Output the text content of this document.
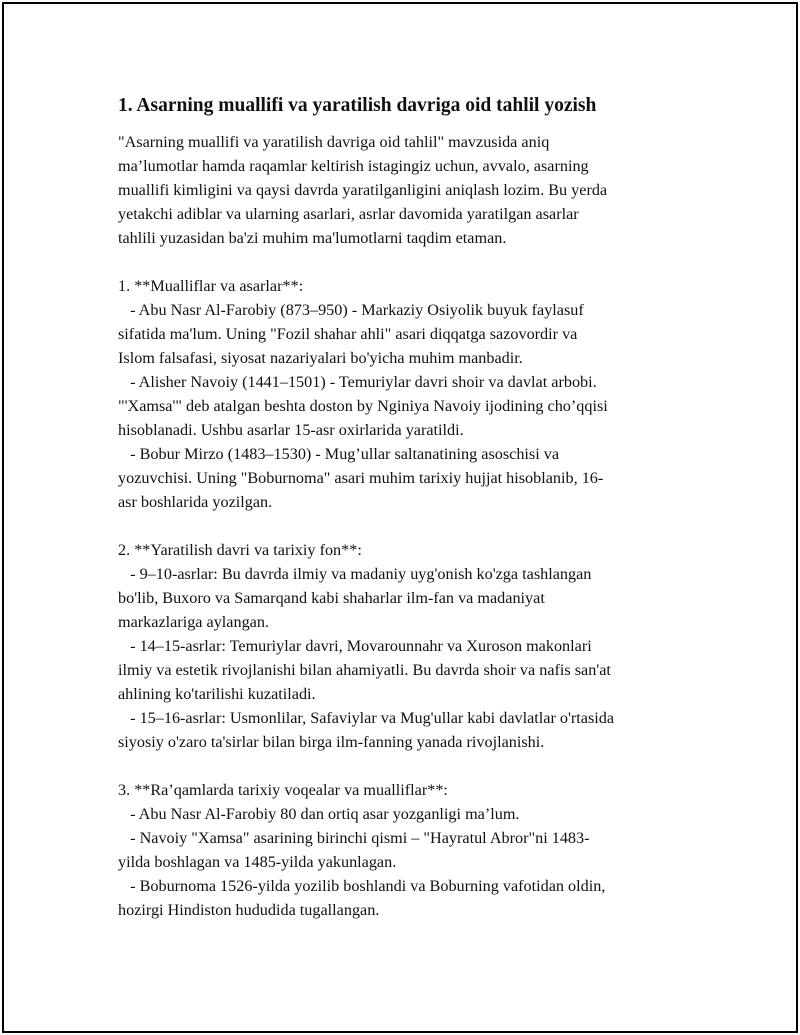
1. Asarning muallifi va yaratilish davriga oid tahlil yozish

"Asarning muallifi va yaratilish davriga oid tahlil" mavzusida aniq
ma’lumotlar hamda raqamlar keltirish istagingiz uchun, avvalo, asarning
muallifi kimligini va qaysi davrda yaratilganligini aniqlash lozim. Bu yerda
yetakchi adiblar va ularning asarlari, asrlar davomida yaratilgan asarlar
tahlili yuzasidan ba'zi muhim ma'lumotlarni taqdim etaman.

1. **Mualliflar va asarlar**:
- Abu Nasr Al-Farobiy (873–950) - Markaziy Osiyolik buyuk faylasuf
sifatida ma'lum. Uning "Fozil shahar ahli" asari diqqatga sazovordir va
Islom falsafasi, siyosat nazariyalari bo'yicha muhim manbadir.
- Alisher Navoiy (1441–1501) - Temuriylar davri shoir va davlat arbobi.
"'Xamsa'" deb atalgan beshta doston by Nginiya Navoiy ijodining cho’qqisi
hisoblanadi. Ushbu asarlar 15-asr oxirlarida yaratildi.
- Bobur Mirzo (1483–1530) - Mug’ullar saltanatining asoschisi va
yozuvchisi. Uning "Boburnoma" asari muhim tarixiy hujjat hisoblanib, 16-
asr boshlarida yozilgan.

2. **Yaratilish davri va tarixiy fon**:
- 9–10-asrlar: Bu davrda ilmiy va madaniy uyg'onish ko'zga tashlangan
bo'lib, Buxoro va Samarqand kabi shaharlar ilm-fan va madaniyat
markazlariga aylangan.
- 14–15-asrlar: Temuriylar davri, Movarounnahr va Xuroson makonlari
ilmiy va estetik rivojlanishi bilan ahamiyatli. Bu davrda shoir va nafis san'at
ahlining ko'tarilishi kuzatiladi.
- 15–16-asrlar: Usmonlilar, Safaviylar va Mug'ullar kabi davlatlar o'rtasida
siyosiy o'zaro ta'sirlar bilan birga ilm-fanning yanada rivojlanishi.

3. **Ra’qamlarda tarixiy voqealar va mualliflar**:
- Abu Nasr Al-Farobiy 80 dan ortiq asar yozganligi ma’lum.
- Navoiy "Xamsa" asarining birinchi qismi – "Hayratul Abror"ni 1483-
yilda boshlagan va 1485-yilda yakunlagan.
- Boburnoma 1526-yilda yozilib boshlandi va Boburning vafotidan oldin,
hozirgi Hindiston hududida tugallangan.
